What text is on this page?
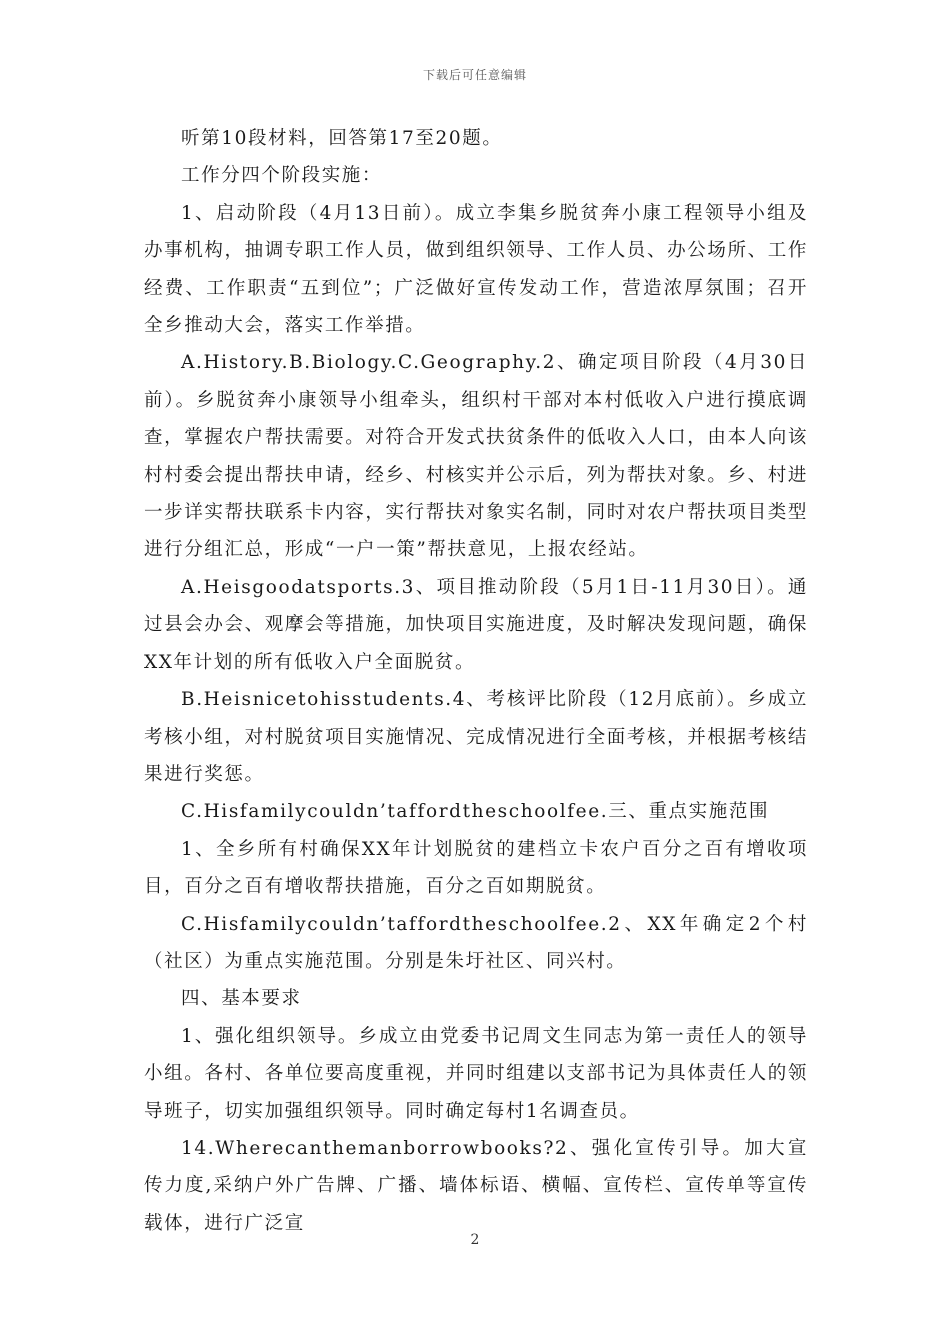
下载后可任意编辑

听第10段材料，回答第17至20题。

工作分四个阶段实施：

1、启动阶段（4月13日前）。成立李集乡脱贫奔小康工程领导小组及办事机构，抽调专职工作人员，做到组织领导、工作人员、办公场所、工作经费、工作职责“五到位”；广泛做好宣传发动工作，营造浓厚氛围；召开全乡推动大会，落实工作举措。

A.History.B.Biology.C.Geography.2、确定项目阶段（4月30日前）。乡脱贫奔小康领导小组牵头，组织村干部对本村低收入户进行摸底调查，掌握农户帮扶需要。对符合开发式扶贫条件的低收入人口，由本人向该村村委会提出帮扶申请，经乡、村核实并公示后，列为帮扶对象。乡、村进一步详实帮扶联系卡内容，实行帮扶对象实名制，同时对农户帮扶项目类型进行分组汇总，形成“一户一策”帮扶意见，上报农经站。

A.Heisgoodatsports.3、项目推动阶段（5月1日-11月30日）。通过县会办会、观摩会等措施，加快项目实施进度，及时解决发现问题，确保XX年计划的所有低收入户全面脱贫。

B.Heisnicetohisstudents.4、考核评比阶段（12月底前）。乡成立考核小组，对村脱贫项目实施情况、完成情况进行全面考核，并根据考核结果进行奖惩。

C.Hisfamilycouldn’taffordtheschoolfee.三、重点实施范围

1、全乡所有村确保XX年计划脱贫的建档立卡农户百分之百有增收项目，百分之百有增收帮扶措施，百分之百如期脱贫。

C.Hisfamilycouldn’taffordtheschoolfee.2、XX年确定2个村（社区）为重点实施范围。分别是朱圩社区、同兴村。

四、基本要求

1、强化组织领导。乡成立由党委书记周文生同志为第一责任人的领导小组。各村、各单位要高度重视，并同时组建以支部书记为具体责任人的领导班子，切实加强组织领导。同时确定每村1名调查员。

14.Wherecanthemanborrowbooks?2、强化宣传引导。加大宣传力度,采纳户外广告牌、广播、墙体标语、横幅、宣传栏、宣传单等宣传载体，进行广泛宣

2
